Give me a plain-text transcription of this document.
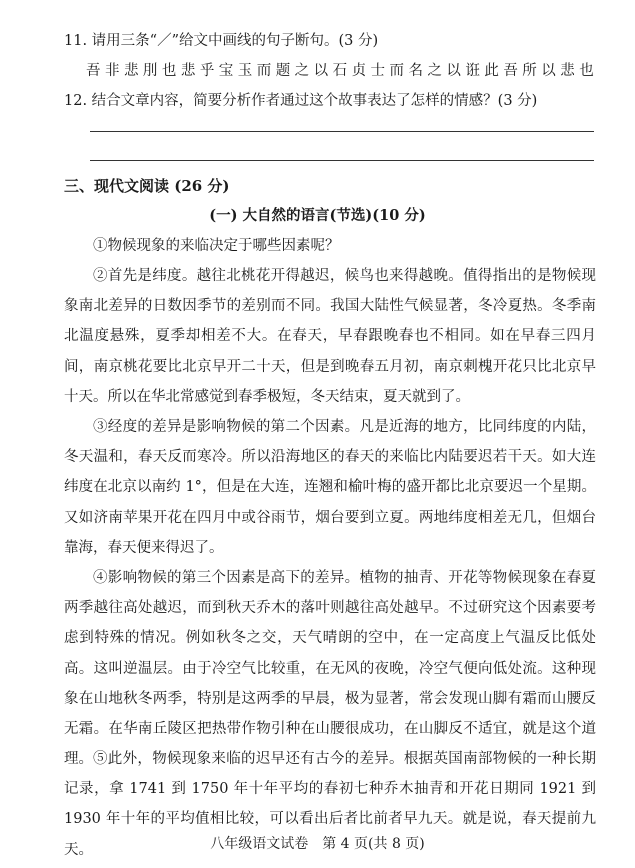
11. 请用三条“／”给文中画线的句子断句。(3 分)
吾 非 悲 刖 也 悲 乎 宝 玉 而 题 之 以 石 贞 士 而 名 之 以 诳 此 吾 所 以 悲 也
12. 结合文章内容，简要分析作者通过这个故事表达了怎样的情感？(3 分)
三、现代文阅读 (26 分)
(一) 大自然的语言(节选)(10 分)

①物候现象的来临决定于哪些因素呢？

②首先是纬度。越往北桃花开得越迟，候鸟也来得越晚。值得指出的是物候现象南北差异的日数因季节的差别而不同。我国大陆性气候显著，冬冷夏热。冬季南北温度悬殊，夏季却相差不大。在春天，早春跟晚春也不相同。如在早春三四月间，南京桃花要比北京早开二十天，但是到晚春五月初，南京刺槐开花只比北京早十天。所以在华北常感觉到春季极短，冬天结束，夏天就到了。

③经度的差异是影响物候的第二个因素。凡是近海的地方，比同纬度的内陆，冬天温和，春天反而寒冷。所以沿海地区的春天的来临比内陆要迟若干天。如大连纬度在北京以南约 1°，但是在大连，连翘和榆叶梅的盛开都比北京要迟一个星期。又如济南苹果开花在四月中或谷雨节，烟台要到立夏。两地纬度相差无几，但烟台靠海，春天便来得迟了。

④影响物候的第三个因素是高下的差异。植物的抽青、开花等物候现象在春夏两季越往高处越迟，而到秋天乔木的落叶则越往高处越早。不过研究这个因素要考虑到特殊的情况。例如秋冬之交，天气晴朗的空中，在一定高度上气温反比低处高。这叫逆温层。由于冷空气比较重，在无风的夜晚，冷空气便向低处流。这种现象在山地秋冬两季，特别是这两季的早晨，极为显著，常会发现山脚有霜而山腰反无霜。在华南丘陵区把热带作物引种在山腰很成功，在山脚反不适宜，就是这个道理。 ⑤此外，物候现象来临的迟早还有古今的差异。根据英国南部物候的一种长期记录，拿 1741 到 1750 年十年平均的春初七种乔木抽青和开花日期同 1921 到 1930 年十年的平均值相比较，可以看出后者比前者早九天。就是说，春天提前九天。	八年级语文试卷　第 4 页(共 8 页)
